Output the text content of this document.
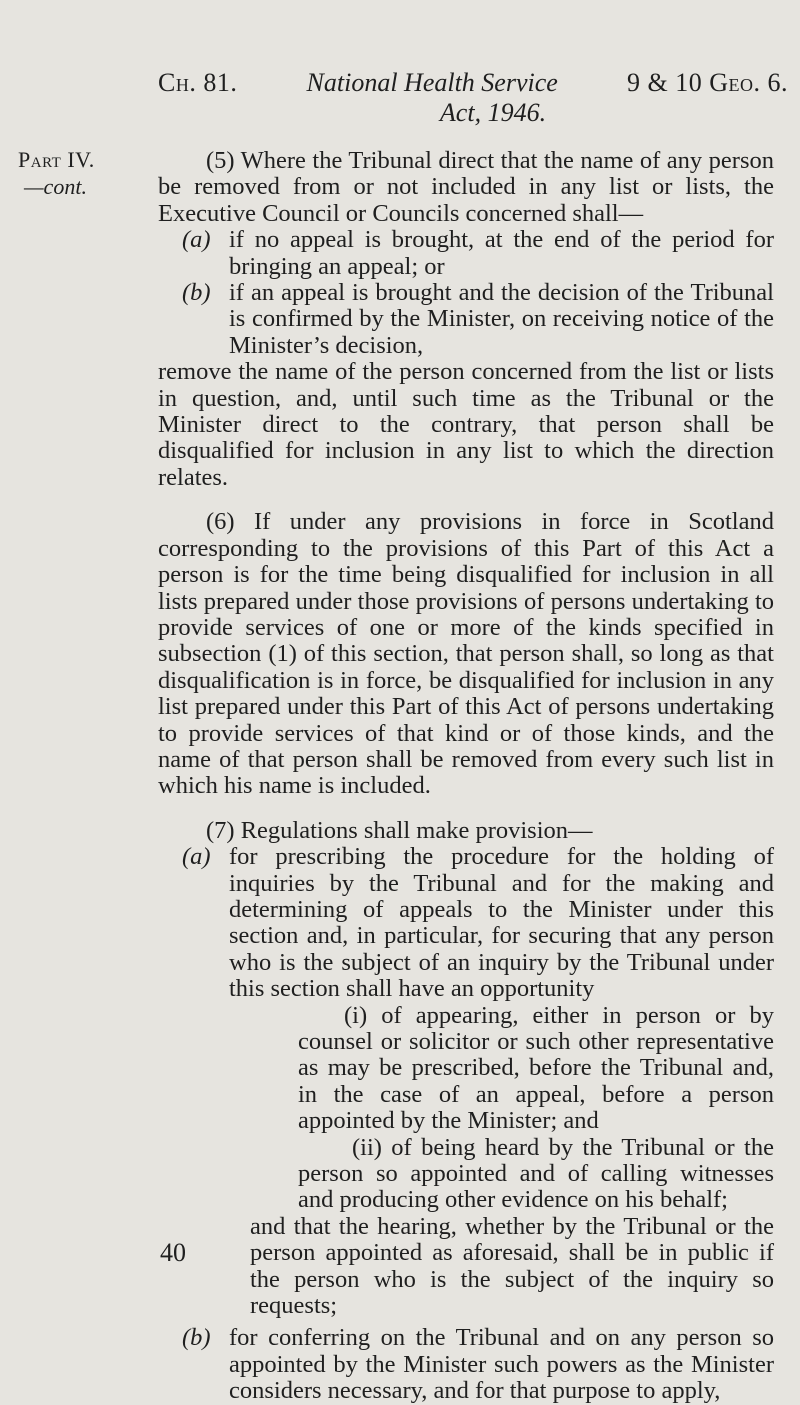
Part IV.
—cont.
Ch. 81.	National Health Service	9 & 10 Geo. 6.
Act, 1946.

(5) Where the Tribunal direct that the name of any person be removed from or not included in any list or lists, the Executive Council or Councils concerned shall—

(a) if no appeal is brought, at the end of the period for bringing an appeal; or

(b) if an appeal is brought and the decision of the Tribunal is confirmed by the Minister, on receiving notice of the Minister’s decision,

remove the name of the person concerned from the list or lists in question, and, until such time as the Tribunal or the Minister direct to the contrary, that person shall be disqualified for inclusion in any list to which the direction relates.

(6) If under any provisions in force in Scotland corresponding to the provisions of this Part of this Act a person is for the time being disqualified for inclusion in all lists prepared under those provisions of persons undertaking to provide services of one or more of the kinds specified in subsection (1) of this section, that person shall, so long as that disqualification is in force, be disqualified for inclusion in any list prepared under this Part of this Act of persons undertaking to provide services of that kind or of those kinds, and the name of that person shall be removed from every such list in which his name is included.

(7) Regulations shall make provision—

(a) for prescribing the procedure for the holding of inquiries by the Tribunal and for the making and determining of appeals to the Minister under this section and, in particular, for securing that any person who is the subject of an inquiry by the Tribunal under this section shall have an opportunity

(i) of appearing, either in person or by counsel or solicitor or such other representative as may be prescribed, before the Tribunal and, in the case of an appeal, before a person appointed by the Minister; and

(ii) of being heard by the Tribunal or the person so appointed and of calling witnesses and producing other evidence on his behalf;

and that the hearing, whether by the Tribunal or the person appointed as aforesaid, shall be in public if the person who is the subject of the inquiry so requests;

(b) for conferring on the Tribunal and on any person so appointed by the Minister such powers as the Minister considers necessary, and for that purpose to apply,

40
